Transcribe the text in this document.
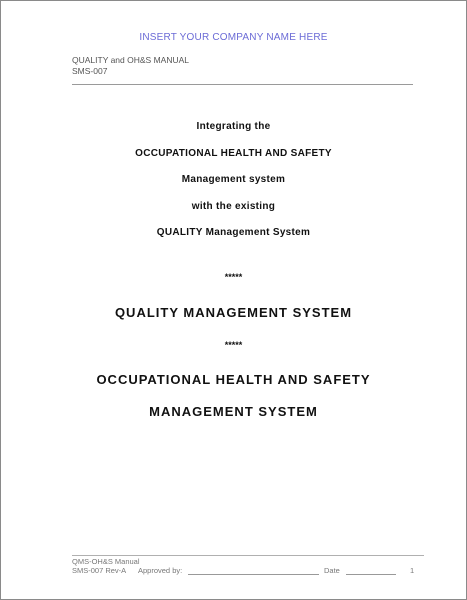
INSERT YOUR COMPANY NAME HERE
QUALITY and OH&S MANUAL
SMS-007
Integrating the
OCCUPATIONAL HEALTH AND SAFETY
Management system
with the existing
QUALITY Management System
*****
QUALITY MANAGEMENT SYSTEM
*****
OCCUPATIONAL HEALTH AND SAFETY
MANAGEMENT SYSTEM
QMS-OH&S Manual
SMS-007 Rev-A Approved by:	Date	1
